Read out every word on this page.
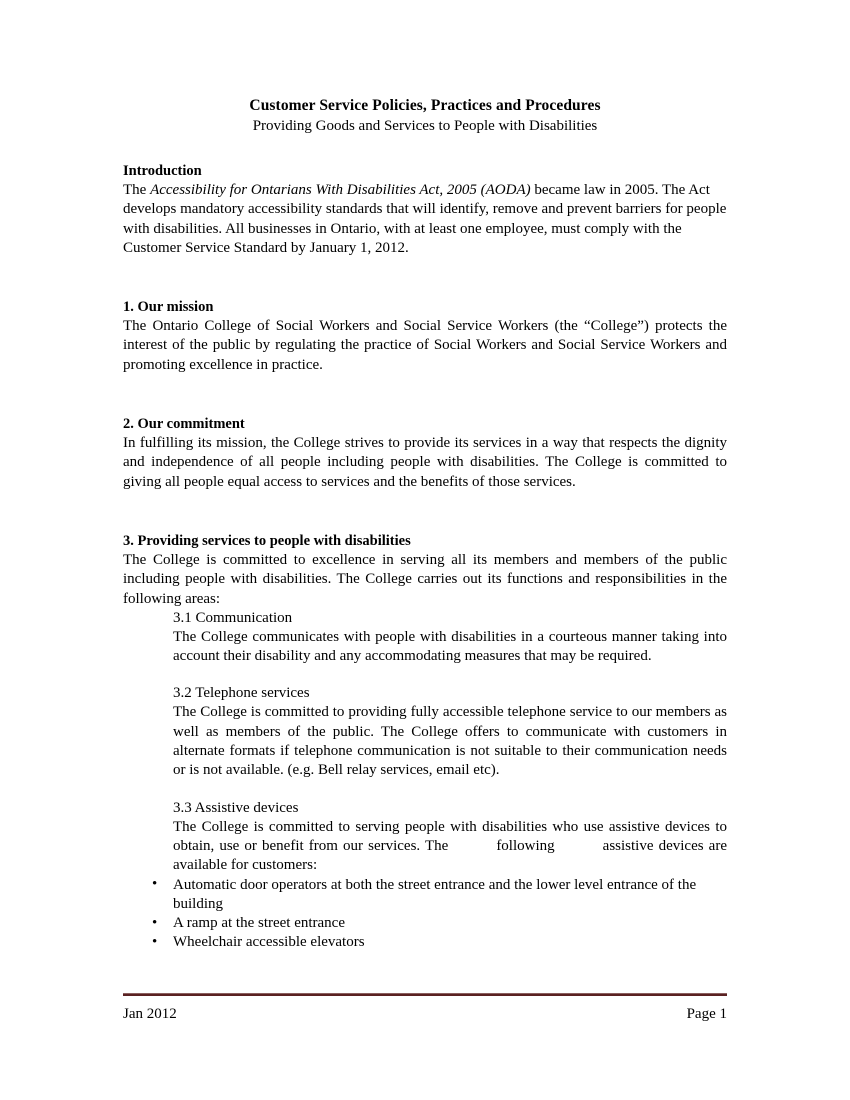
Customer Service Policies, Practices and Procedures
Providing Goods and Services to People with Disabilities
Introduction

The Accessibility for Ontarians With Disabilities Act, 2005 (AODA) became law in 2005. The Act develops mandatory accessibility standards that will identify, remove and prevent barriers for people with disabilities. All businesses in Ontario, with at least one employee, must comply with the Customer Service Standard by January 1, 2012.

1. Our mission

The Ontario College of Social Workers and Social Service Workers (the “College”) protects the interest of the public by regulating the practice of Social Workers and Social Service Workers and promoting excellence in practice.

2. Our commitment

In fulfilling its mission, the College strives to provide its services in a way that respects the dignity and independence of all people including people with disabilities. The College is committed to giving all people equal access to services and the benefits of those services.

3. Providing services to people with disabilities

The College is committed to excellence in serving all its members and members of the public including people with disabilities. The College carries out its functions and responsibilities in the following areas:

3.1 Communication

The College communicates with people with disabilities in a courteous manner taking into account their disability and any accommodating measures that may be required.

3.2 Telephone services

The College is committed to providing fully accessible telephone service to our members as well as members of the public. The College offers to communicate with customers in alternate formats if telephone communication is not suitable to their communication needs or is not available. (e.g. Bell relay services, email etc).

3.3 Assistive devices

The College is committed to serving people with disabilities who use assistive devices to obtain, use or benefit from our services. The	following	assistive devices are available for customers:

• Automatic door operators at both the street entrance and the lower level entrance of the building
• A ramp at the street entrance
• Wheelchair accessible elevators
Jan 2012	Page 1
